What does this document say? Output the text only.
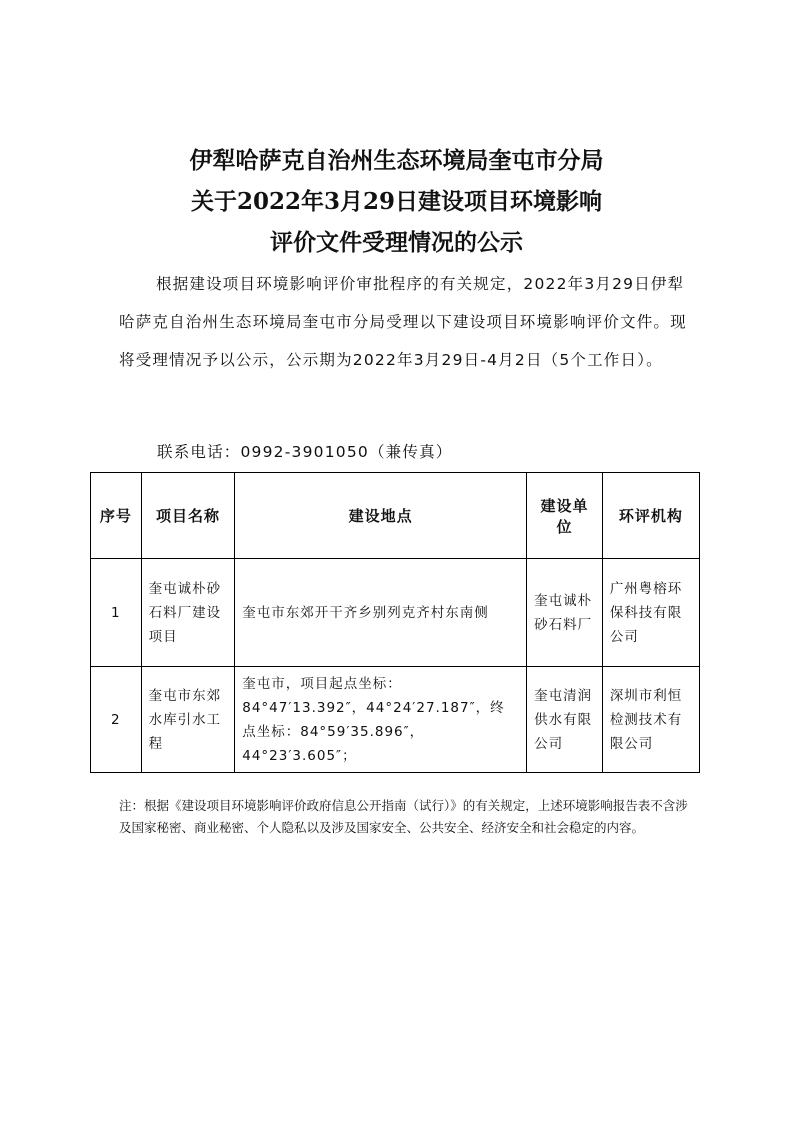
伊犁哈萨克自治州生态环境局奎屯市分局
关于2022年3月29日建设项目环境影响
评价文件受理情况的公示
根据建设项目环境影响评价审批程序的有关规定，2022年3月29日伊犁哈萨克自治州生态环境局奎屯市分局受理以下建设项目环境影响评价文件。现将受理情况予以公示，公示期为2022年3月29日-4月2日（5个工作日）。
联系电话：0992-3901050（兼传真）
序号	项目名称	建设地点	建设单位	环评机构
1	奎屯诚朴砂石料厂建设项目	奎屯市东郊开干齐乡别列克齐村东南侧	奎屯诚朴砂石料厂	广州粤榕环保科技有限公司
2	奎屯市东郊水库引水工程	奎屯市，项目起点坐标：84°47′13.392″，44°24′27.187″，终点坐标：84°59′35.896″，44°23′3.605″；	奎屯清润供水有限公司	深圳市利恒检测技术有限公司
注：根据《建设项目环境影响评价政府信息公开指南（试行）》的有关规定，上述环境影响报告表不含涉及国家秘密、商业秘密、个人隐私以及涉及国家安全、公共安全、经济安全和社会稳定的内容。
